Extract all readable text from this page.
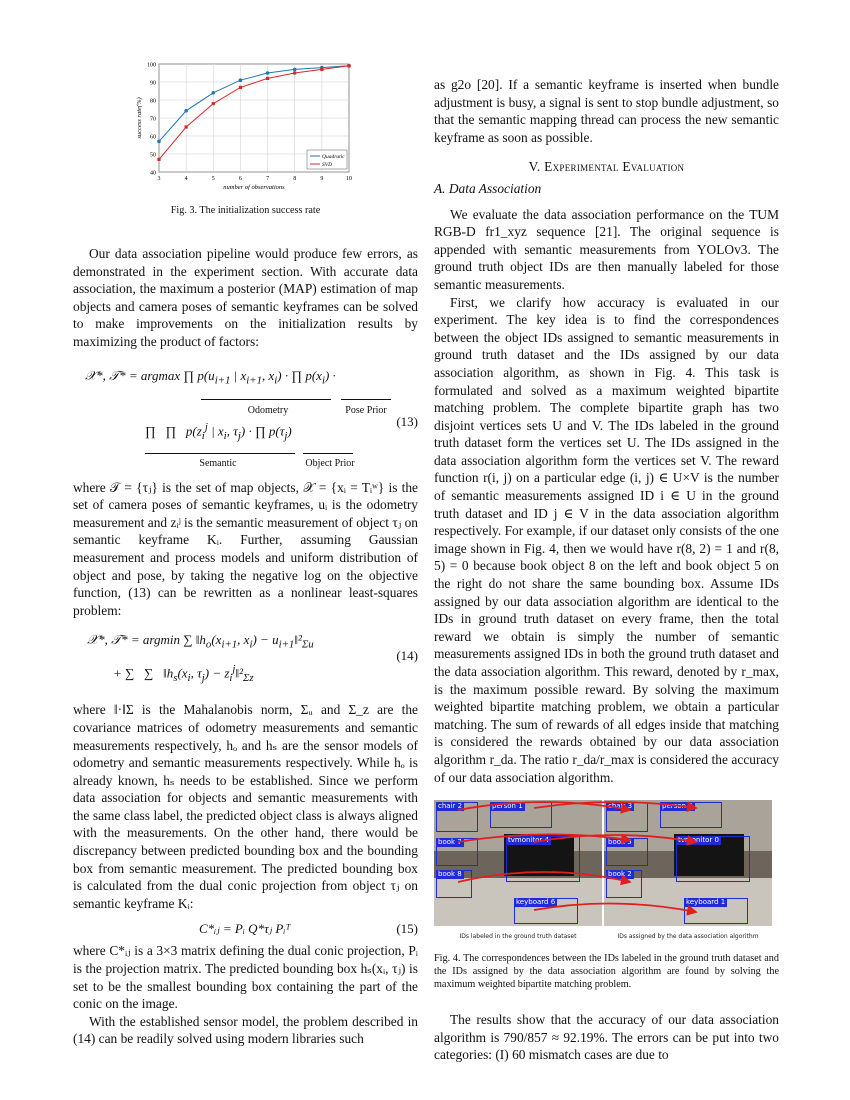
40
50
60
70
80
90
100
3	4	5	6	7	8	9	10
number of observations
success rate(%)
Quadratic
SVD

Fig. 3. The initialization success rate

Our data association pipeline would produce few errors, as demonstrated in the experiment section. With accurate data association, the maximum a posterior (MAP) estimation of map objects and camera poses of semantic keyframes can be solved to make improvements on the initialization results by maximizing the product of factors:

𝒳*, 𝒯* = argmax ∏ $p(u_{i+1}$ | $x_{i+1}$, $x_i$) · ∏ $p(x_i)$ ·
Odometry	Pose Prior
∏   ∏   $p(z_i^j$ | $x_i$, $\tau_j$) · ∏ $p(\tau_j)$
Semantic	Object Prior
(13)

where 𝒯 = {τⱼ} is the set of map objects, 𝒳 = {xᵢ = Tᵢʷ} is the set of camera poses of semantic keyframes, uᵢ is the odometry measurement and zᵢʲ is the semantic measurement of object τⱼ on semantic keyframe Kᵢ. Further, assuming Gaussian measurement and process models and uniform distribution of object and pose, by taking the negative log on the objective function, (13) can be rewritten as a nonlinear least-squares problem:

𝒳*, 𝒯* = argmin ∑ $‖h_o(x_{i+1}$, $x_i$) − $u_{i+1}‖^2_{\Sigma u}$
+ ∑   ∑   $‖h_s(x_i$, $\tau_j$) − $z_i^j‖^2_{\Sigma z}$
(14)

where ‖·‖Σ is the Mahalanobis norm, Σᵤ and Σ_z are the covariance matrices of odometry measurements and semantic measurements respectively, hₒ and hₛ are the sensor models of odometry and semantic measurements respectively. While hₒ is already known, hₛ needs to be established. Since we perform data association for objects and semantic measurements with the same class label, the predicted object class is always aligned with the measurements. On the other hand, there would be discrepancy between predicted bounding box and the bounding box from semantic measurement. The predicted bounding box is calculated from the dual conic projection from object τⱼ on semantic keyframe Kᵢ:

C*ᵢⱼ = Pᵢ Q*τⱼ Pᵢᵀ	(15)

where C*ᵢⱼ is a 3×3 matrix defining the dual conic projection, Pᵢ is the projection matrix. The predicted bounding box hₛ(xᵢ, τⱼ) is set to be the smallest bounding box containing the part of the conic on the image.

With the established sensor model, the problem described in (14) can be readily solved using modern libraries such

as g2o [20]. If a semantic keyframe is inserted when bundle adjustment is busy, a signal is sent to stop bundle adjustment, so that the semantic mapping thread can process the new semantic keyframe as soon as possible.

V. Experimental Evaluation
A. Data Association

We evaluate the data association performance on the TUM RGB-D fr1_xyz sequence [21]. The original sequence is appended with semantic measurements from YOLOv3. The ground truth object IDs are then manually labeled for those semantic measurements.

First, we clarify how accuracy is evaluated in our experiment. The key idea is to find the correspondences between the object IDs assigned to semantic measurements in ground truth dataset and the IDs assigned by our data association algorithm, as shown in Fig. 4. This task is formulated and solved as a maximum weighted bipartite matching problem. The complete bipartite graph has two disjoint vertices sets U and V. The IDs labeled in the ground truth dataset form the vertices set U. The IDs assigned in the data association algorithm form the vertices set V. The reward function r(i, j) on a particular edge (i, j) ∈ U×V is the number of semantic measurements assigned ID i ∈ U in the ground truth dataset and ID j ∈ V in the data association algorithm respectively. For example, if our dataset only consists of the one image shown in Fig. 4, then we would have r(8, 2) = 1 and r(8, 5) = 0 because book object 8 on the left and book object 5 on the right do not share the same bounding box. Assume IDs assigned by our data association algorithm are identical to the IDs in ground truth dataset on every frame, then the total reward we obtain is simply the number of semantic measurements assigned IDs in both the ground truth dataset and the data association algorithm. This reward, denoted by r_max, is the maximum possible reward. By solving the maximum weighted bipartite matching problem, we obtain a particular matching. The sum of rewards of all edges inside that matching is considered the rewards obtained by our data association algorithm r_da. The ratio r_da/r_max is considered the accuracy of our data association algorithm.

chair 2	person 1
book 7	tvmonitor 4
book 8
keyboard 6
chair 3	person 6
book 5	tvmonitor 0
book 2
keyboard 1
IDs labeled in the ground truth dataset	IDs assigned by the data association algorithm

Fig. 4. The correspondences between the IDs labeled in the ground truth dataset and the IDs assigned by the data association algorithm are found by solving the maximum weighted bipartite matching problem.

The results show that the accuracy of our data association algorithm is 790/857 ≈ 92.19%. The errors can be put into two categories: (I) 60 mismatch cases are due to
